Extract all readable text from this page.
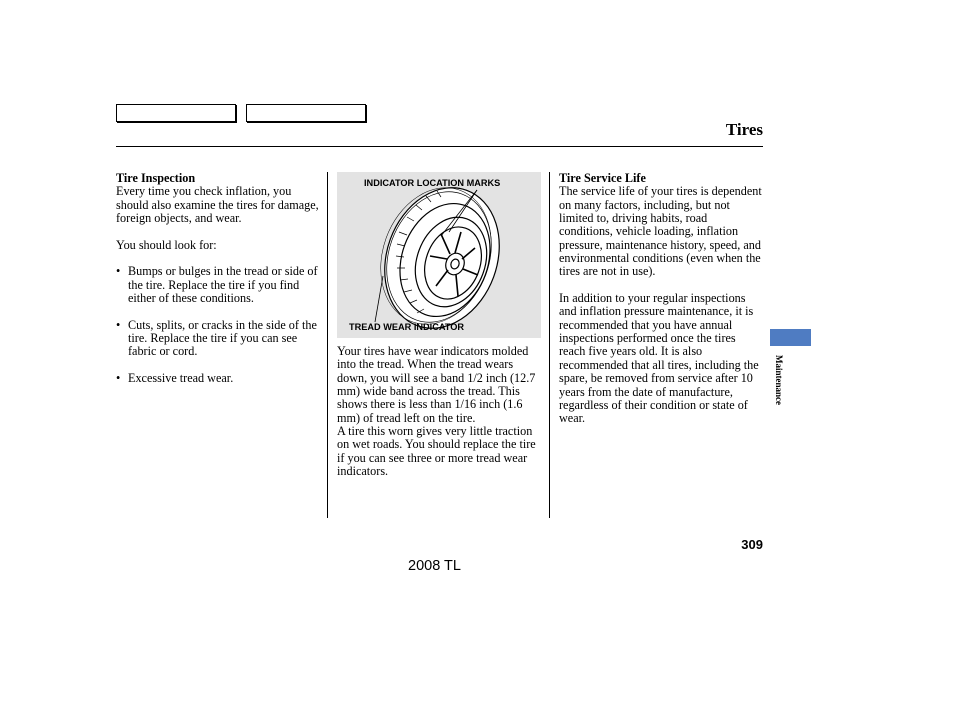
Tires

Tire Inspection

Every time you check inflation, you should also examine the tires for damage, foreign objects, and wear.

You should look for:

• Bumps or bulges in the tread or side of the tire. Replace the tire if you find either of these conditions.

• Cuts, splits, or cracks in the side of the tire. Replace the tire if you can see fabric or cord.

• Excessive tread wear.

INDICATOR LOCATION MARKS
TREAD WEAR INDICATOR

Your tires have wear indicators molded into the tread. When the tread wears down, you will see a band 1/2 inch (12.7 mm) wide band across the tread. This shows there is less than 1/16 inch (1.6 mm) of tread left on the tire.

A tire this worn gives very little traction on wet roads. You should replace the tire if you can see three or more tread wear indicators.

Tire Service Life

The service life of your tires is dependent on many factors, including, but not limited to, driving habits, road conditions, vehicle loading, inflation pressure, maintenance history, speed, and environmental conditions (even when the tires are not in use).

In addition to your regular inspections and inflation pressure maintenance, it is recommended that you have annual inspections performed once the tires reach five years old. It is also recommended that all tires, including the spare, be removed from service after 10 years from the date of manufacture, regardless of their condition or state of wear.

Maintenance
309
2008 TL
